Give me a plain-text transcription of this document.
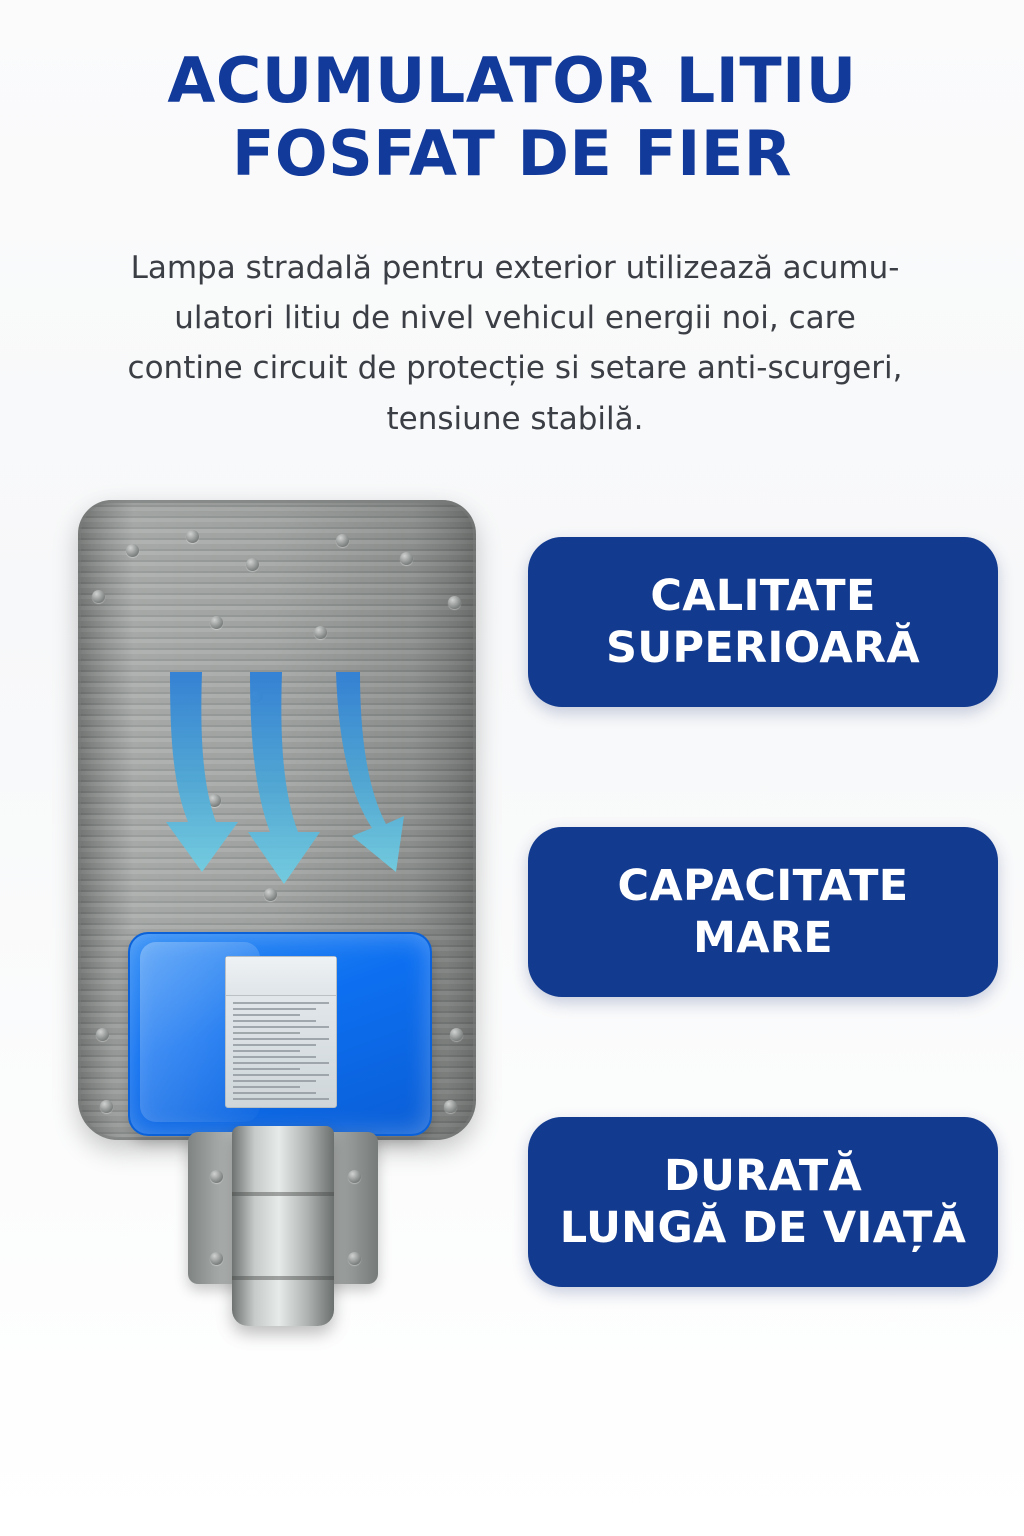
ACUMULATOR LITIU
FOSFAT DE FIER
Lampa stradală pentru exterior utilizează acumu- ulatori litiu de nivel vehicul energii noi, care contine circuit de protecție si setare anti-scurgeri, tensiune stabilă.
CALITATE
SUPERIOARĂ
CAPACITATE
MARE
DURATĂ
LUNGĂ DE VIAȚĂ
